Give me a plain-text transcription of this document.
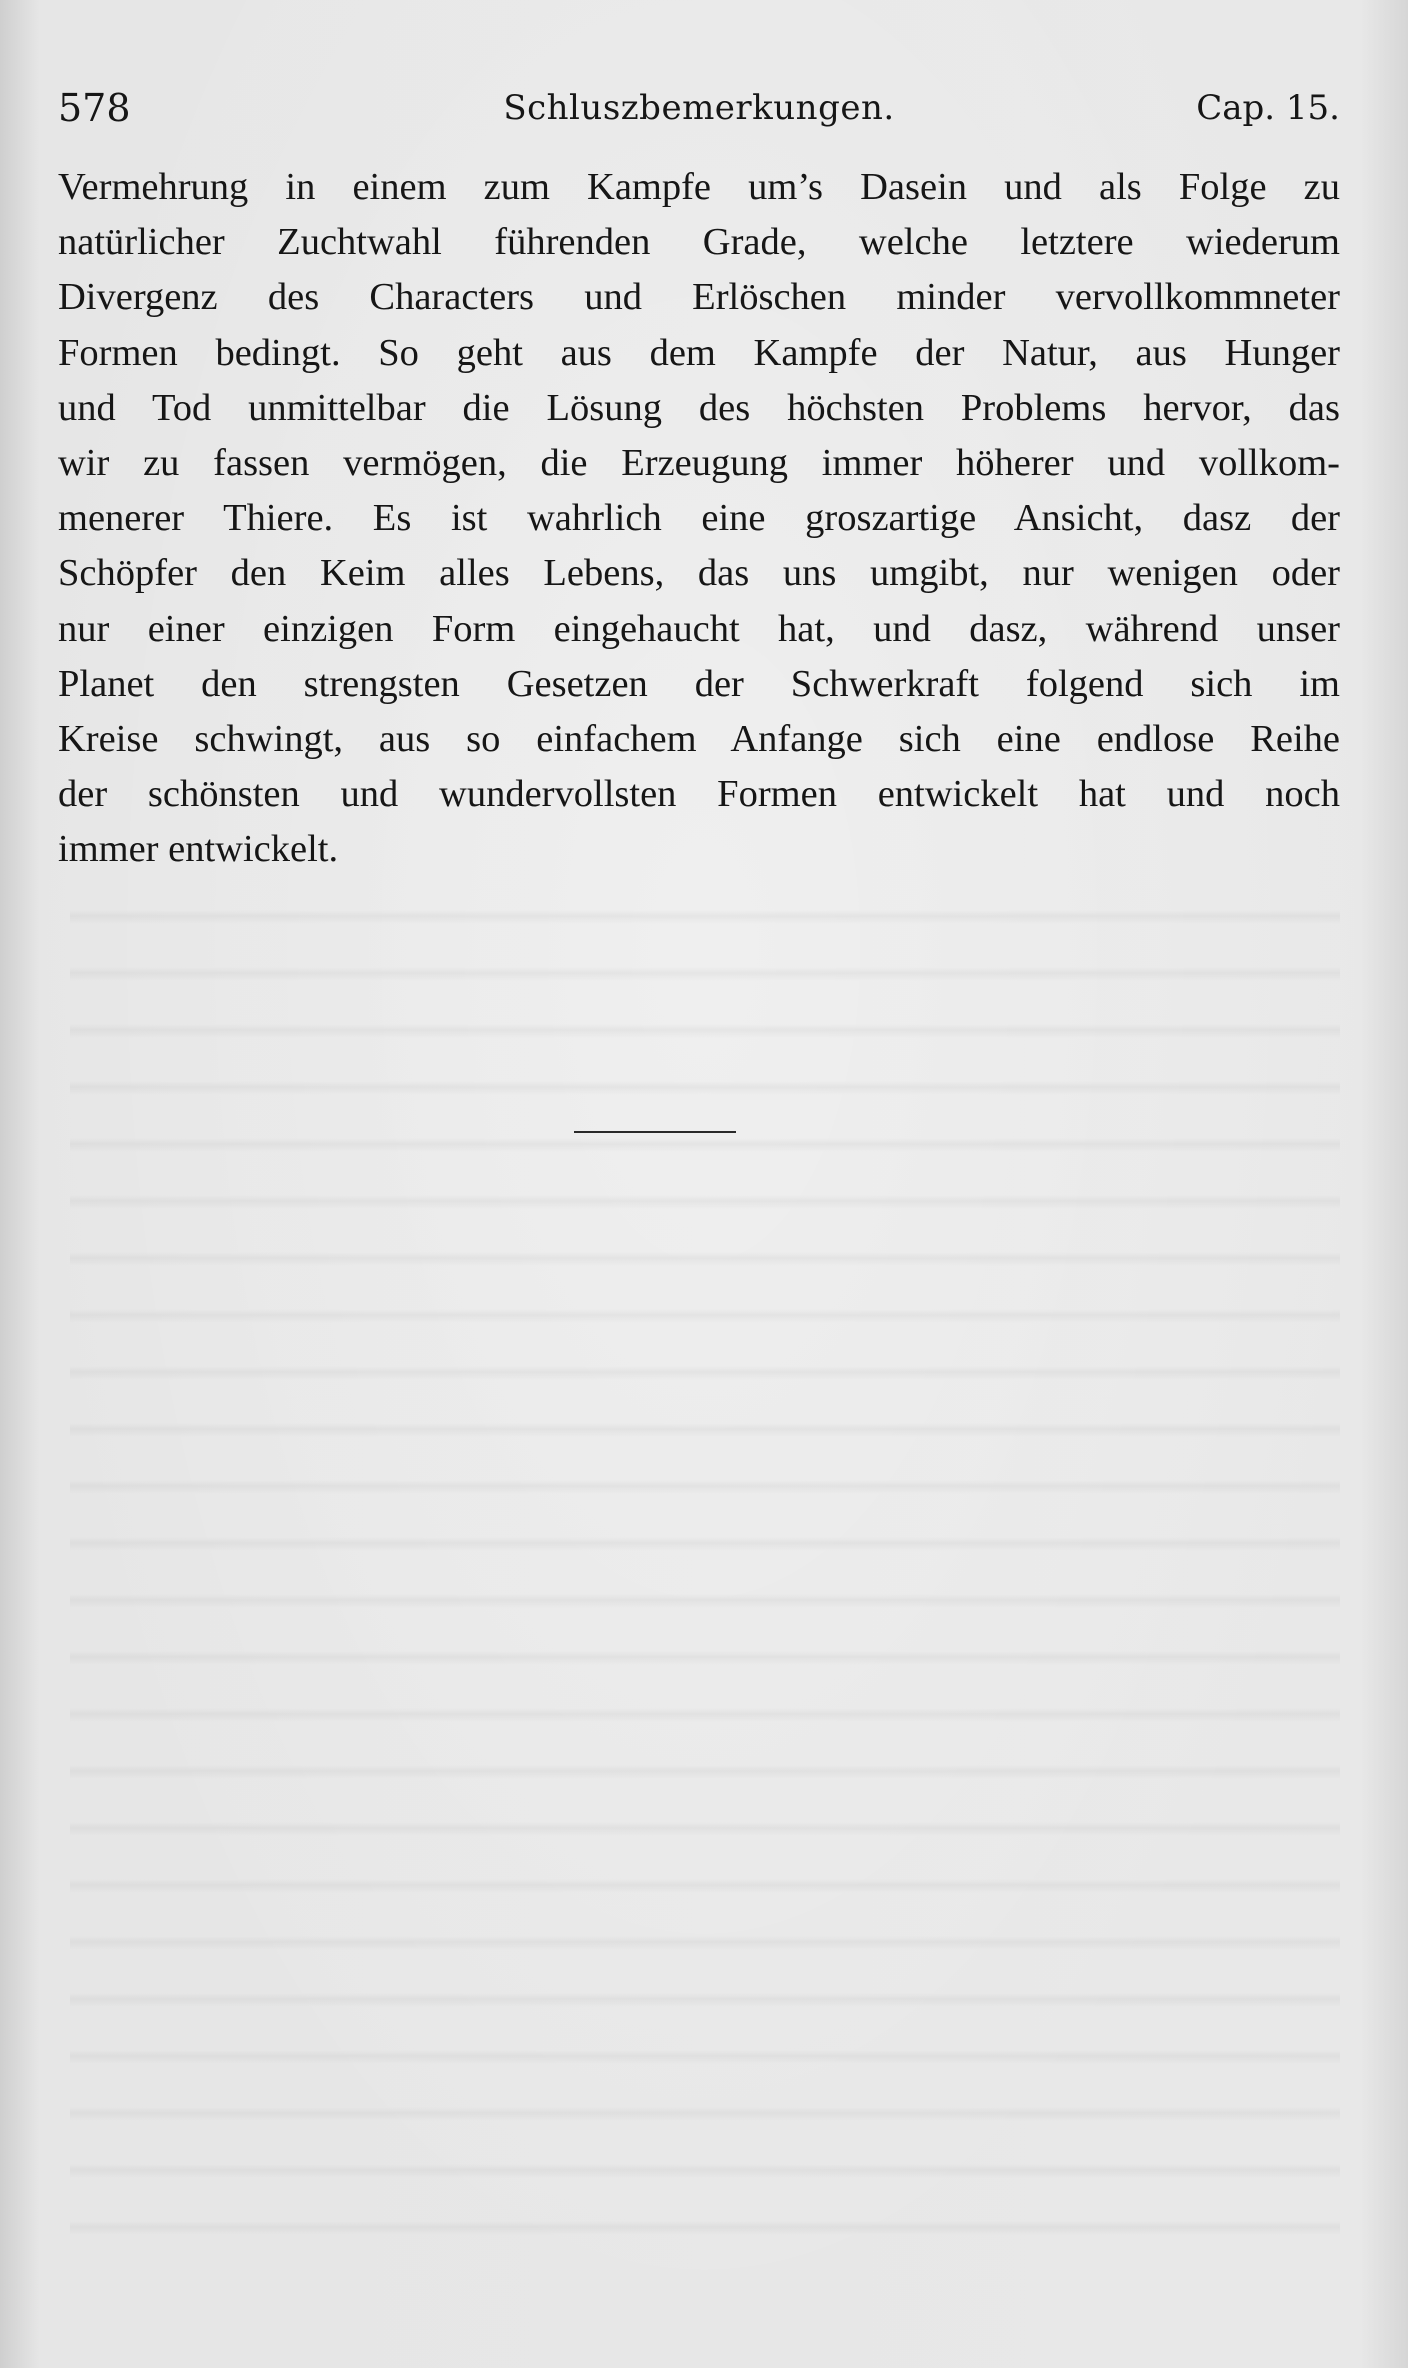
578	Schluszbemerkungen.	Cap. 15.
Vermehrung in einem zum Kampfe um’s Dasein und als Folge zu
natürlicher Zuchtwahl führenden Grade, welche letztere wiederum
Divergenz des Characters und Erlöschen minder vervollkommneter
Formen bedingt. So geht aus dem Kampfe der Natur, aus Hunger
und Tod unmittelbar die Lösung des höchsten Problems hervor, das
wir zu fassen vermögen, die Erzeugung immer höherer und vollkom-
menerer Thiere. Es ist wahrlich eine groszartige Ansicht, dasz der
Schöpfer den Keim alles Lebens, das uns umgibt, nur wenigen oder
nur einer einzigen Form eingehaucht hat, und dasz, während unser
Planet den strengsten Gesetzen der Schwerkraft folgend sich im
Kreise schwingt, aus so einfachem Anfange sich eine endlose Reihe
der schönsten und wundervollsten Formen entwickelt hat und noch
immer entwickelt.
